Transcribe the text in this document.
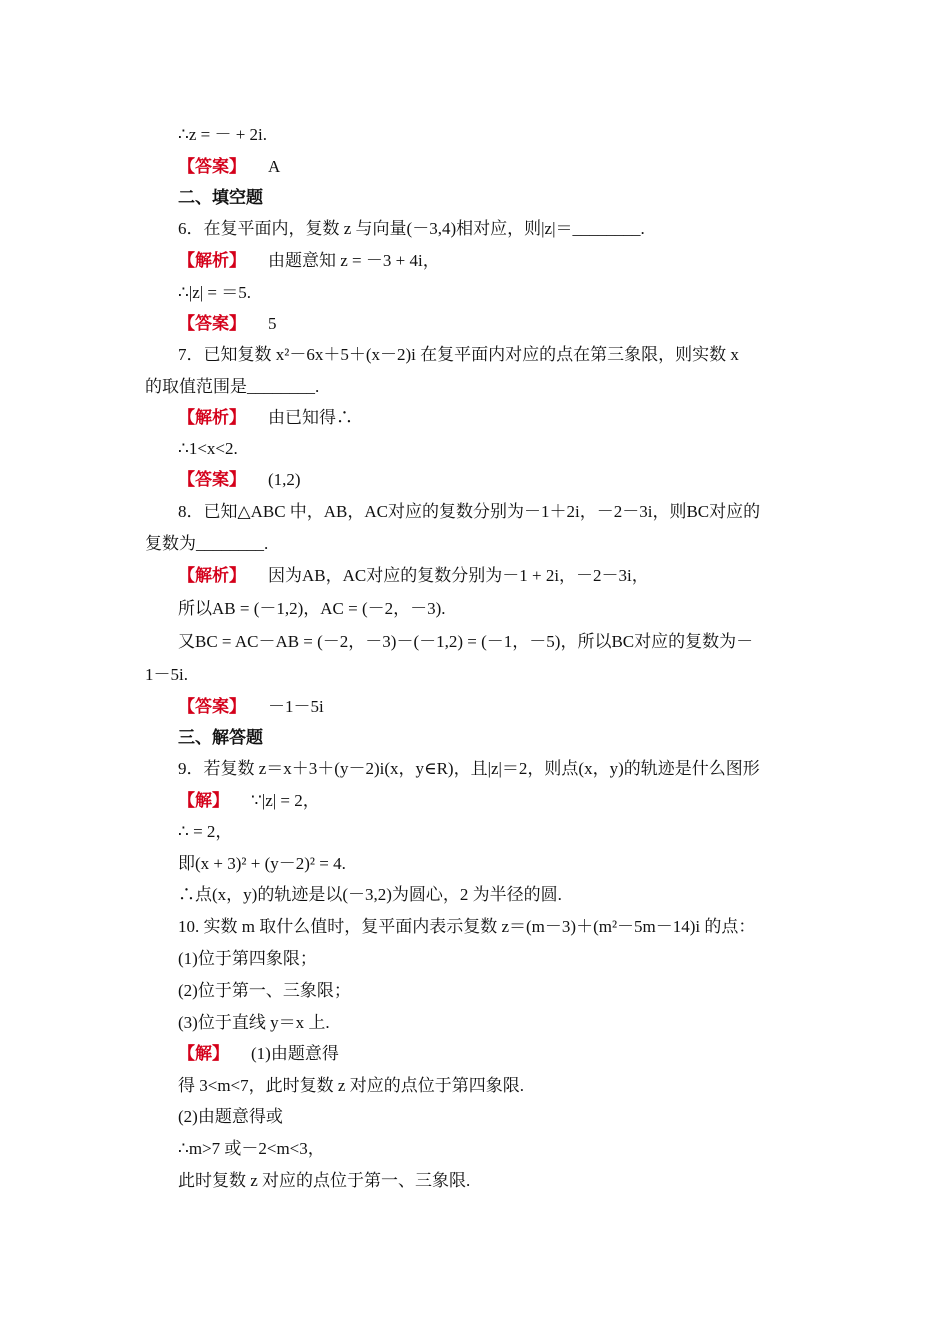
∴z = － + 2i.
【答案】 A
二、填空题
6．在复平面内，复数 z 与向量(－3,4)相对应，则|z|＝________.
【解析】 由题意知 z = －3 + 4i，
∴|z| = ＝5.
【答案】 5
7．已知复数 x²－6x＋5＋(x－2)i 在复平面内对应的点在第三象限，则实数 x
的取值范围是________.
【解析】 由已知得∴
∴1<x<2.
【答案】 (1,2)
8．已知△ABC 中，AB，AC对应的复数分别为－1＋2i，－2－3i，则BC对应的
复数为________.
【解析】 因为AB，AC对应的复数分别为－1 + 2i，－2－3i，
所以AB = (－1,2)，AC = (－2，－3).
又BC = AC－AB = (－2，－3)－(－1,2) = (－1，－5)，所以BC对应的复数为－
1－5i.
【答案】 －1－5i
三、解答题
9．若复数 z＝x＋3＋(y－2)i(x，y∈R)，且|z|＝2，则点(x，y)的轨迹是什么图形
【解】 ∵|z| = 2，
∴ = 2，
即(x + 3)² + (y－2)² = 4.
∴点(x，y)的轨迹是以(－3,2)为圆心，2 为半径的圆.
10. 实数 m 取什么值时，复平面内表示复数 z＝(m－3)＋(m²－5m－14)i 的点：
(1)位于第四象限；
(2)位于第一、三象限；
(3)位于直线 y＝x 上.
【解】 (1)由题意得
得 3<m<7，此时复数 z 对应的点位于第四象限.
(2)由题意得或
∴m>7 或－2<m<3，
此时复数 z 对应的点位于第一、三象限.
